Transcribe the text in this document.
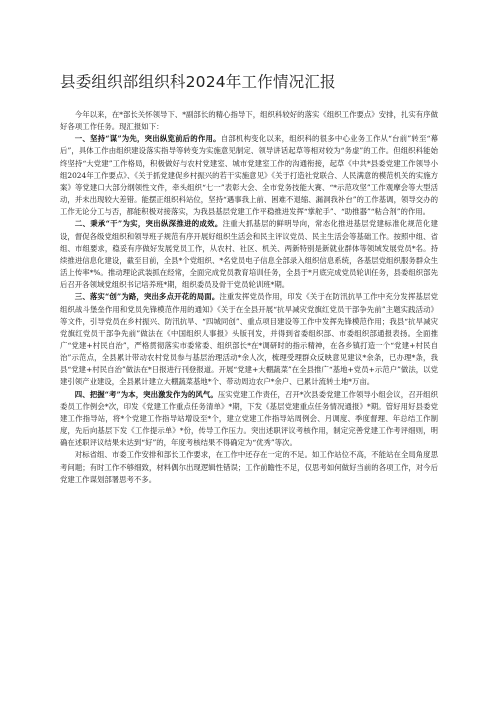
县委组织部组织科2024年工作情况汇报

今年以来，在*部长关怀领导下、*副部长的精心指导下，组织科较好的落实《组织工作要点》安排，扎实有序做好各项工作任务。现汇报如下：

一、坚持“谋”为先，突出纵览前后的作用。自部机构变化以来，组织科的很多中心业务工作从“台前”转至“幕后”，具体工作由组织建设落实指导等转变为实施意见制定、领导讲话起草等相对较为“务虚”的工作。但组织科能始终坚持“大党建”工作格局，积极做好与农村党建室、城市党建室工作的沟通衔接，起草《中共*县委党建工作领导小组2024年工作要点》、《关于抓党建促乡村振兴的若干实施意见》《关于打造社党联合、人民满意的模范机关的实施方案》等党建口大部分纲领性文件，牵头组织“七一”表彰大会、全市党务技能大赛、“*示范攻坚”工作观摩会等大型活动，并未出现较大差错。能摆正组织科站位，坚持“遇事我上前、困难不退缩、漏洞我补台”的工作基调，领导交办的工作无论分工与否，都能积极对接落实，为我县基层党建工作平稳推进发挥“掌舵手”、“助推器”“粘合剂”的作用。

二、秉承“干”为实，突出纵深推进的成效。注重大抓基层的鲜明导向，常态化推进基层党建标准化规范化建设，督促各级党组织和领导班子规范有序开展好组织生活会和民主评议党员、民主生活会等基础工作。按照中组、省组、市组要求，稳妥有序做好发展党员工作，从农村、社区、机关、两新特别是新就业群体等领域发展党员*名。持续推进信息化建设，截至目前，全县*个党组织、*名党员电子信息全部录入组织信息系统，各基层党组织服务群众生活上传率*%。推动理论武装抓在经常，全面完成党员教育培训任务，全县于*月底完成党员轮训任务，县委组织部先后召开各领域党组织书记培养班*期，组织委员及骨干党员轮训班*期。

三、落实“创”为路，突出多点开花的局面。注重发挥党员作用，印发《关于在防汛抗旱工作中充分发挥基层党组织战斗堡垒作用和党员先锋模范作用的通知》《关于在全县开展“抗旱减灾党旗红党员干部争先前”主题实践活动》等文件，引导党员在乡村振兴、防汛抗旱、“四城同创”、重点项目建设等工作中发挥先锋模范作用；我县“抗旱减灾党旗红党员干部争先前”做法在《中国组织人事报》头版刊发，并得到省委组织部、市委组织部通报表扬。全面推广“党建+村民自治”，严格贯彻落实市委常委、组织部长*在*调研时的指示精神，在各乡镇打造一个“党建+村民自治”示范点，全县累计带动农村党员参与基层治理活动*余人次，梳理受理群众反映意见建议*余条，已办理*条，我县“党建+村民自治”做法在*日报进行刊登报道。开展“党建+大棚蔬菜”在全县推广“基地+党员+示范户”做法，以党建引领产业建设，全县累计建立大棚蔬菜基地*个、带动周边农户*余户、已累计流转土地*万亩。

四、把握“考”为本，突出激发作为的风气。压实党建工作责任，召开*次县委党建工作领导小组会议，召开组织委员工作例会*次，印发《党建工作重点任务清单》*期，下发《基层党建重点任务情况通报》*期。管好用好县委党建工作指导站，将*个党建工作指导站增设至*个，建立党建工作指导站周例会、月调度、季度督理、年总结工作制度，先后向基层下发《工作提示单》*份，传导工作压力。突出述职评议考核作用，制定完善党建工作考评细则，明确在述职评议结果未达到“好”的，年度考核结果不得确定为“优秀”等次。

对标省组、市委工作安排和部长工作要求，在工作中还存在一定的不足。如工作站位不高，不能站在全局角度思考问题；有时工作不够细致，材料偶尔出现逻辑性错误；工作前瞻性不足，仅思考如何做好当前的各项工作，对今后党建工作谋划部署思考不多。
